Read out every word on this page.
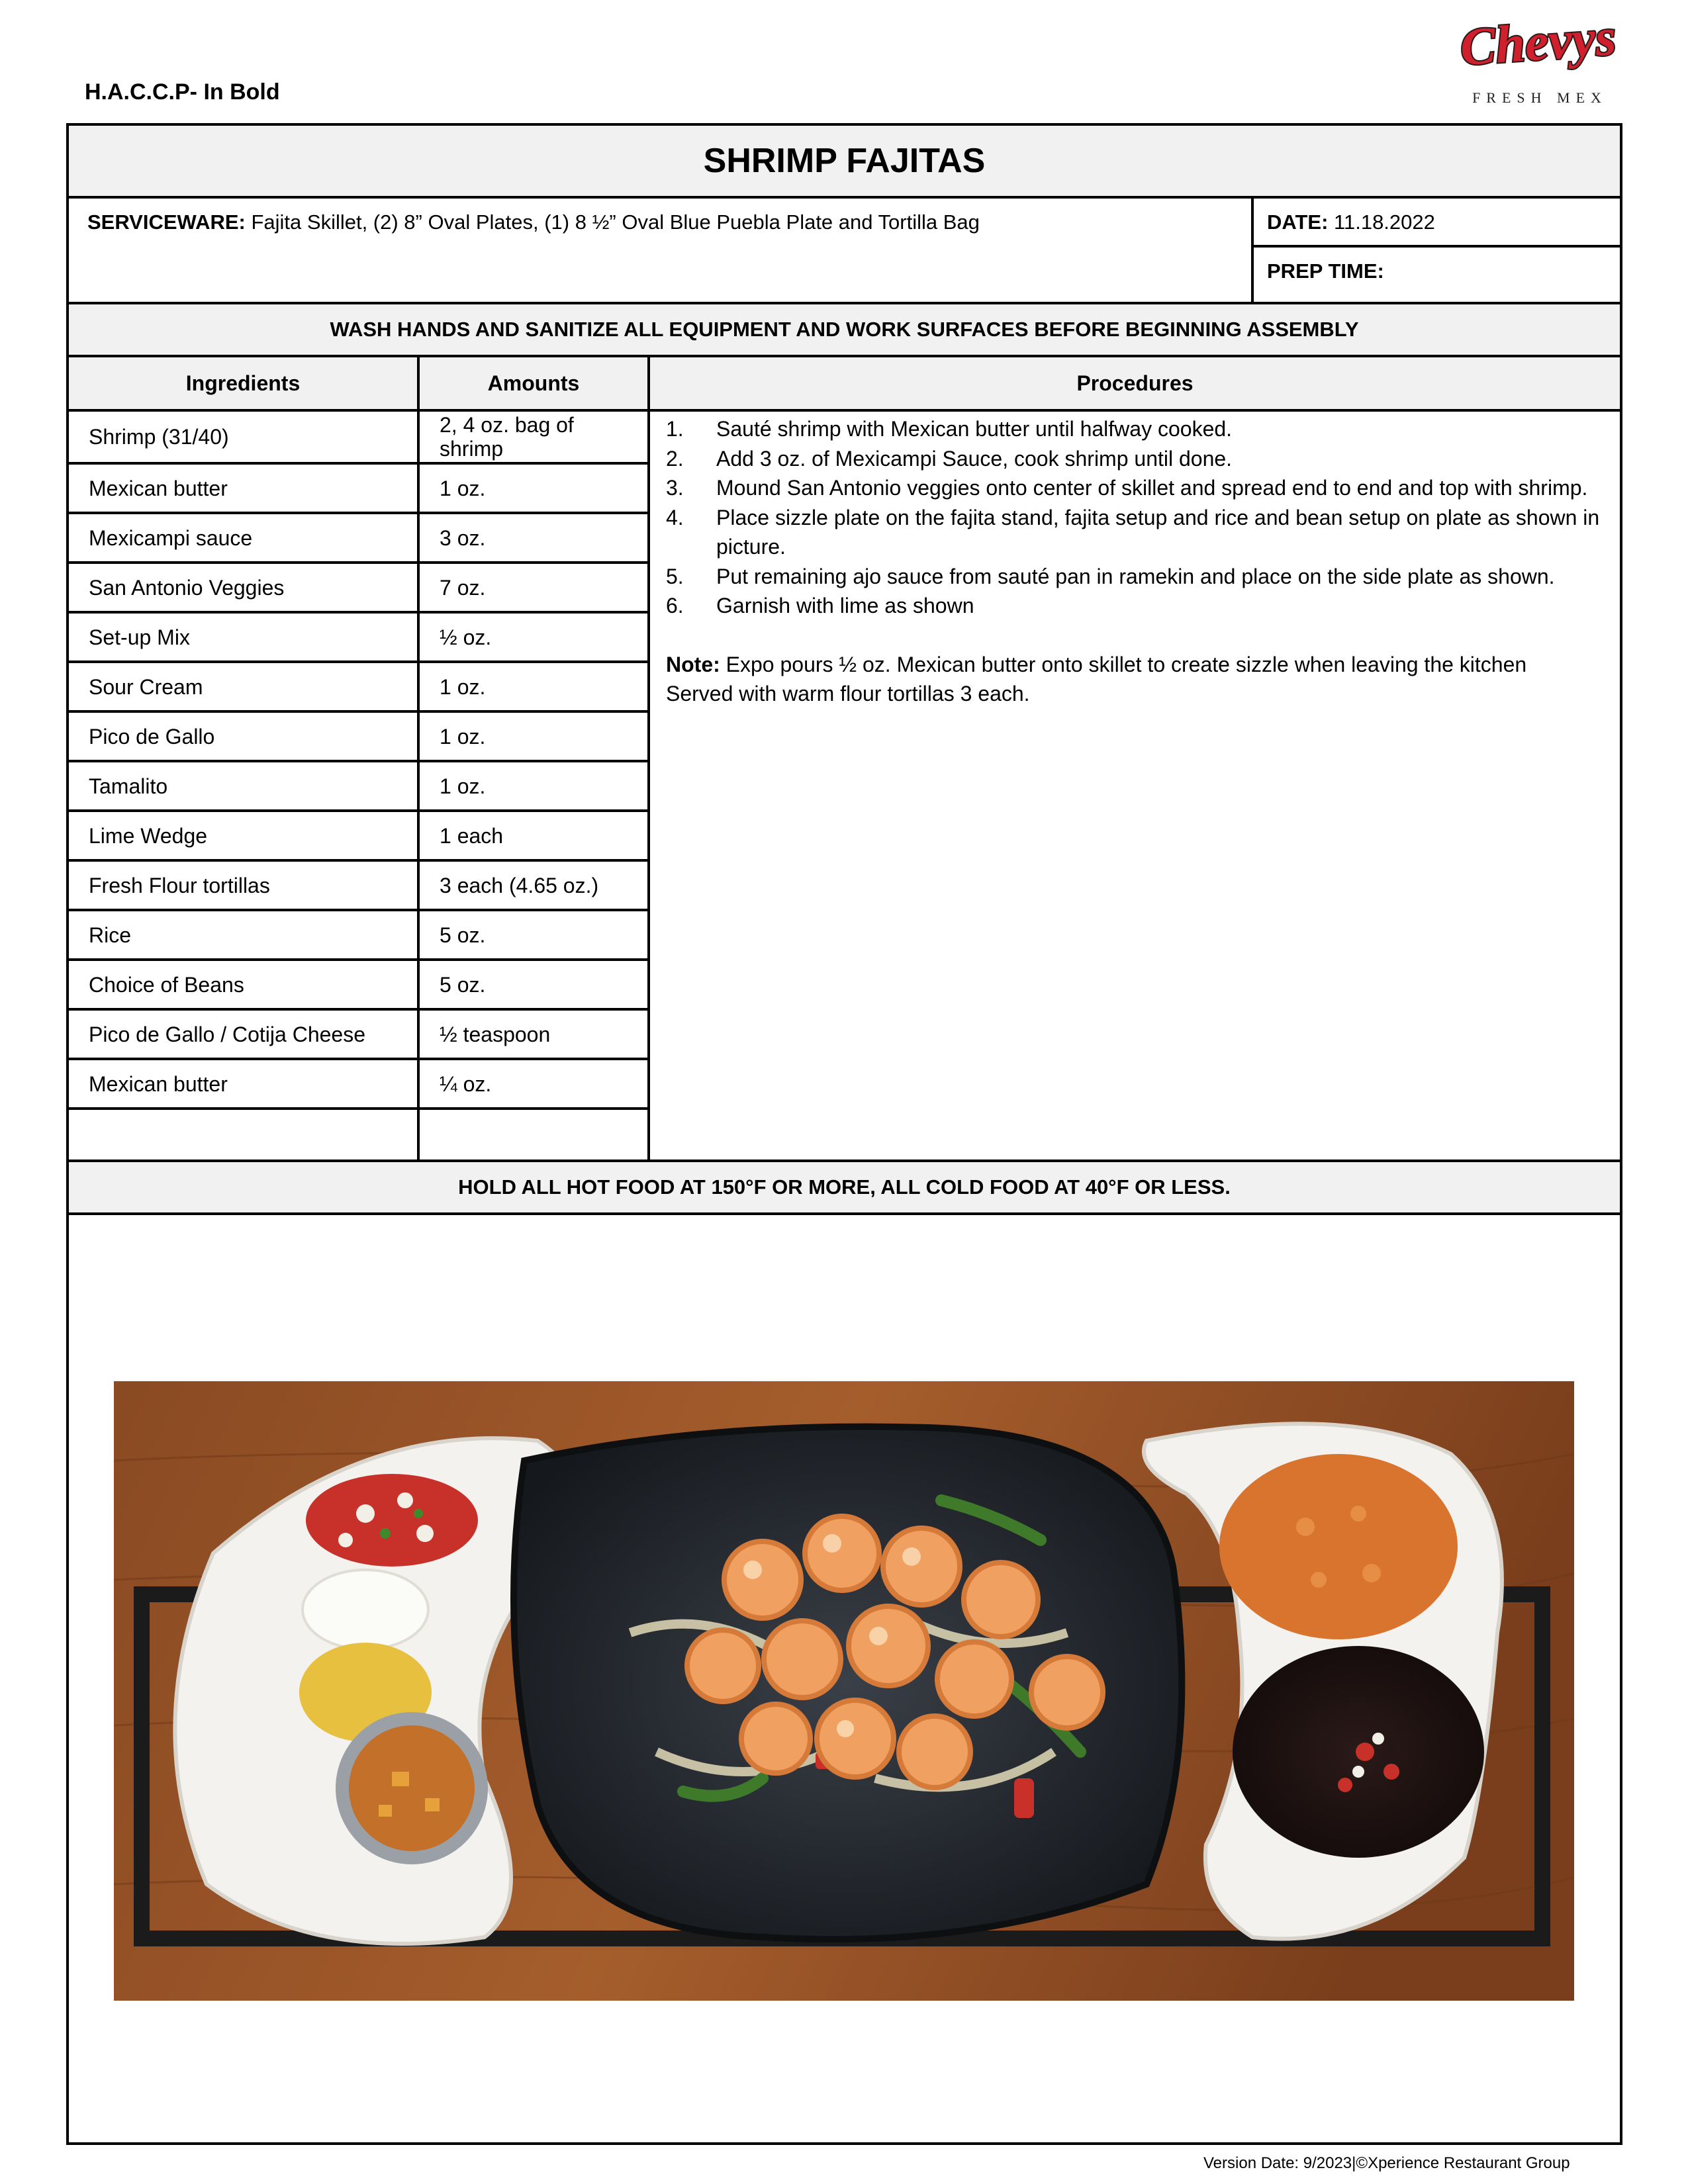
H.A.C.C.P- In Bold
Chevys
FRESH MEX
SHRIMP FAJITAS
SERVICEWARE: Fajita Skillet, (2) 8” Oval Plates, (1) 8 ½” Oval Blue Puebla Plate and Tortilla Bag	DATE: 11.18.2022
PREP TIME:
WASH HANDS AND SANITIZE ALL EQUIPMENT AND WORK SURFACES BEFORE BEGINNING ASSEMBLY
Ingredients	Amounts	Procedures
Shrimp (31/40)	2, 4 oz. bag of shrimp
Mexican butter	1 oz.
Mexicampi sauce	3 oz.
San Antonio Veggies	7 oz.
Set-up Mix	½ oz.
Sour Cream	1 oz.
Pico de Gallo	1 oz.
Tamalito	1 oz.
Lime Wedge	1 each
Fresh Flour tortillas	3 each (4.65 oz.)
Rice	5 oz.
Choice of Beans	5 oz.
Pico de Gallo / Cotija Cheese	½ teaspoon
Mexican butter	¼ oz.
1. Sauté shrimp with Mexican butter until halfway cooked.
2. Add 3 oz. of Mexicampi Sauce, cook shrimp until done.
3. Mound San Antonio veggies onto center of skillet and spread end to end and top with shrimp.
4. Place sizzle plate on the fajita stand, fajita setup and rice and bean setup on plate as shown in picture.
5. Put remaining ajo sauce from sauté pan in ramekin and place on the side plate as shown.
6. Garnish with lime as shown
Note: Expo pours ½ oz. Mexican butter onto skillet to create sizzle when leaving the kitchen
Served with warm flour tortillas 3 each.
HOLD ALL HOT FOOD AT 150°F OR MORE, ALL COLD FOOD AT 40°F OR LESS.
Version Date: 9/2023|©Xperience Restaurant Group
